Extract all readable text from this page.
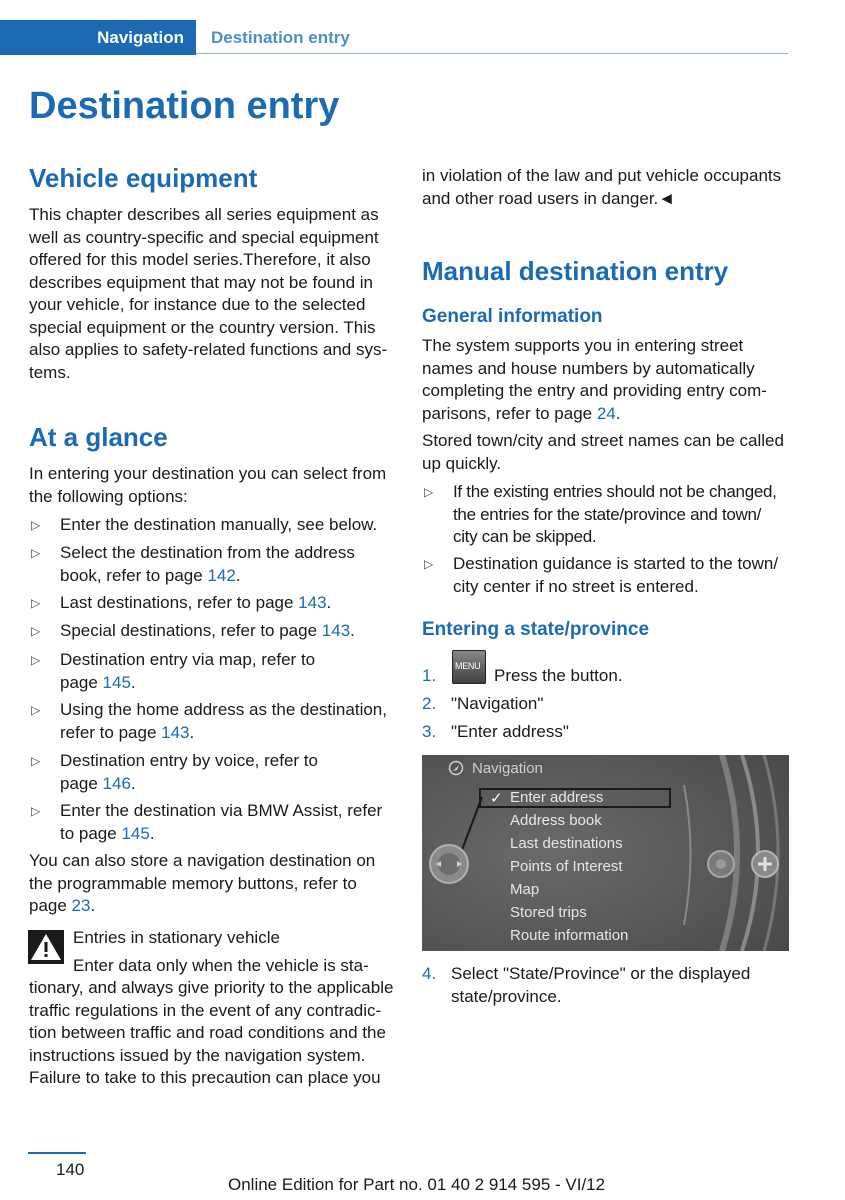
Navigation Destination entry
Destination entry
Vehicle equipment
This chapter describes all series equipment as
well as country-specific and special equipment
offered for this model series.Therefore, it also
describes equipment that may not be found in
your vehicle, for instance due to the selected
special equipment or the country version. This
also applies to safety-related functions and sys-
tems.
At a glance
In entering your destination you can select from
the following options:
▷ Enter the destination manually, see below.
▷ Select the destination from the address
book, refer to page 142.
▷ Last destinations, refer to page 143.
▷ Special destinations, refer to page 143.
▷ Destination entry via map, refer to
page 145.
▷ Using the home address as the destination,
refer to page 143.
▷ Destination entry by voice, refer to
page 146.
▷ Enter the destination via BMW Assist, refer
to page 145.
You can also store a navigation destination on
the programmable memory buttons, refer to
page 23.
Entries in stationary vehicle
Enter data only when the vehicle is sta-
tionary, and always give priority to the applicable
traffic regulations in the event of any contradic-
tion between traffic and road conditions and the
instructions issued by the navigation system.
Failure to take to this precaution can place you
in violation of the law and put vehicle occupants
and other road users in danger.◄
Manual destination entry
General information
The system supports you in entering street
names and house numbers by automatically
completing the entry and providing entry com-
parisons, refer to page 24.
Stored town/city and street names can be called
up quickly.
▷ If the existing entries should not be changed,
the entries for the state/province and town/
city can be skipped.
▷ Destination guidance is started to the town/
city center if no street is entered.
Entering a state/province
1.	Press the button.
MENU
2. "Navigation"
3. "Enter address"
Navigation
✓ Enter address
Address book
Last destinations
Points of Interest
Map
Stored trips
Route information
4. Select "State/Province" or the displayed
state/province.
140
Online Edition for Part no. 01 40 2 914 595 - VI/12
